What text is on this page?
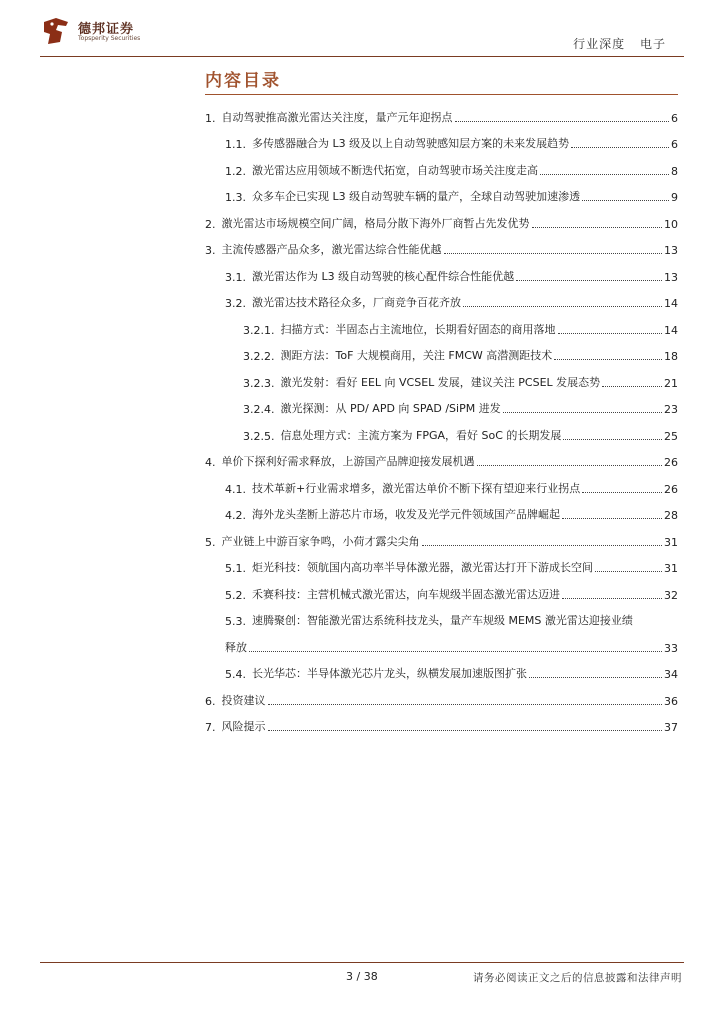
德邦证券
Topsperity Securities	行业深度 电子
内容目录
1. 自动驾驶推高激光雷达关注度，量产元年迎拐点	6
1.1. 多传感器融合为 L3 级及以上自动驾驶感知层方案的未来发展趋势	6
1.2. 激光雷达应用领域不断迭代拓宽，自动驾驶市场关注度走高	8
1.3. 众多车企已实现 L3 级自动驾驶车辆的量产，全球自动驾驶加速渗透	9
2. 激光雷达市场规模空间广阔，格局分散下海外厂商暂占先发优势	10
3. 主流传感器产品众多，激光雷达综合性能优越	13
3.1. 激光雷达作为 L3 级自动驾驶的核心配件综合性能优越	13
3.2. 激光雷达技术路径众多，厂商竞争百花齐放	14
3.2.1. 扫描方式：半固态占主流地位，长期看好固态的商用落地	14
3.2.2. 测距方法：ToF 大规模商用，关注 FMCW 高潜测距技术	18
3.2.3. 激光发射：看好 EEL 向 VCSEL 发展，建议关注 PCSEL 发展态势	21
3.2.4. 激光探测：从 PD/ APD 向 SPAD /SiPM 进发	23
3.2.5. 信息处理方式：主流方案为 FPGA，看好 SoC 的长期发展	25
4. 单价下探利好需求释放，上游国产品牌迎接发展机遇	26
4.1. 技术革新+行业需求增多，激光雷达单价不断下探有望迎来行业拐点	26
4.2. 海外龙头垄断上游芯片市场，收发及光学元件领域国产品牌崛起	28
5. 产业链上中游百家争鸣，小荷才露尖尖角	31
5.1. 炬光科技：领航国内高功率半导体激光器，激光雷达打开下游成长空间	31
5.2. 禾赛科技：主营机械式激光雷达，向车规级半固态激光雷达迈进	32
5.3. 速腾聚创：智能激光雷达系统科技龙头，量产车规级 MEMS 激光雷达迎接业绩
释放	33
5.4. 长光华芯：半导体激光芯片龙头，纵横发展加速版图扩张	34
6. 投资建议	36
7. 风险提示	37
3 / 38	请务必阅读正文之后的信息披露和法律声明
